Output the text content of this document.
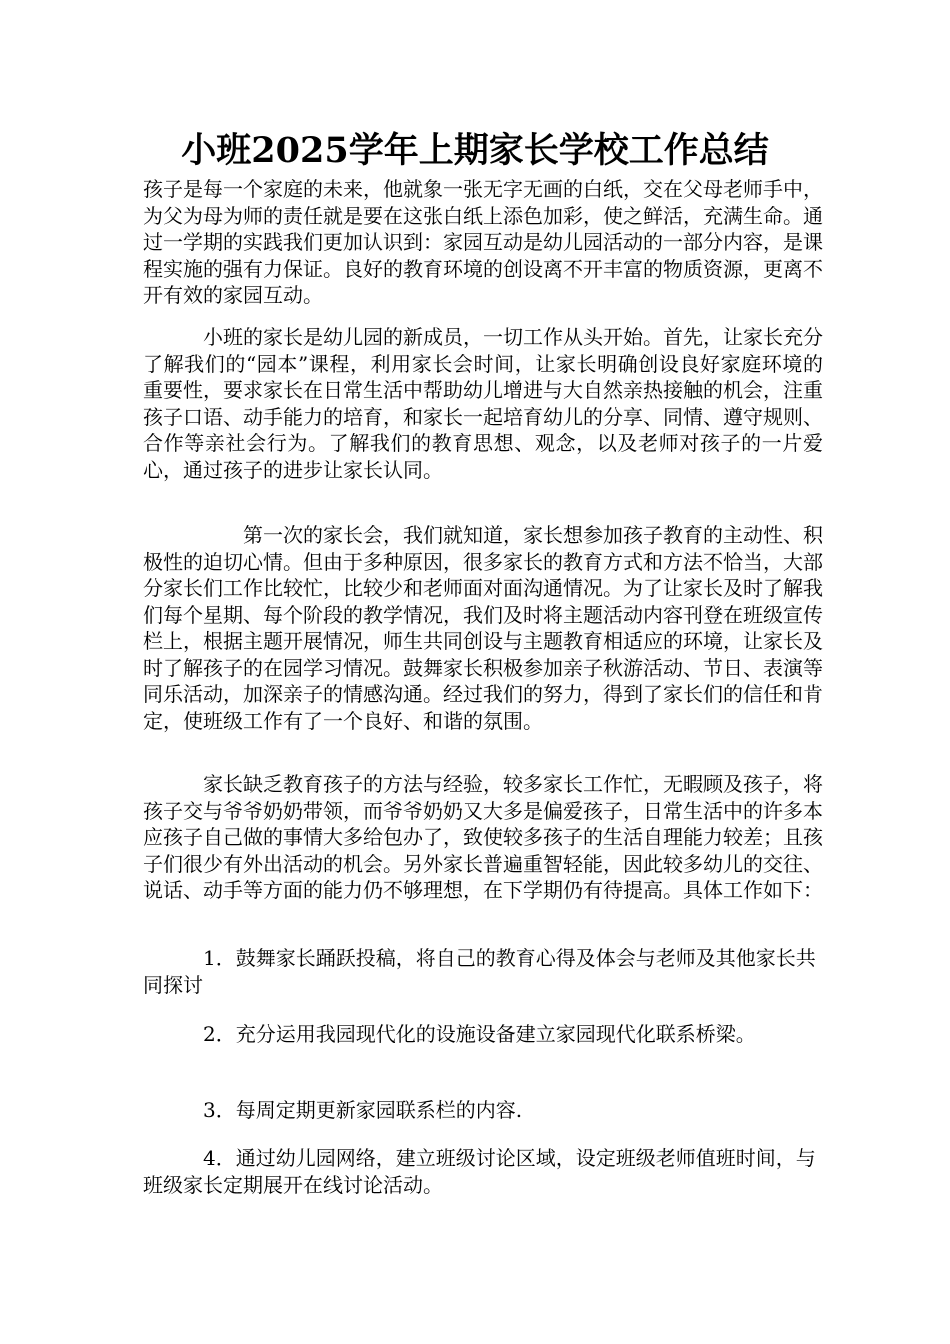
小班2025学年上期家长学校工作总结

孩子是每一个家庭的未来，他就象一张无字无画的白纸，交在父母老师手中，为父为母为师的责任就是要在这张白纸上添色加彩，使之鲜活，充满生命。通过一学期的实践我们更加认识到：家园互动是幼儿园活动的一部分内容，是课程实施的强有力保证。良好的教育环境的创设离不开丰富的物质资源，更离不开有效的家园互动。

小班的家长是幼儿园的新成员，一切工作从头开始。首先，让家长充分了解我们的“园本”课程，利用家长会时间，让家长明确创设良好家庭环境的重要性，要求家长在日常生活中帮助幼儿增进与大自然亲热接触的机会，注重孩子口语、动手能力的培育，和家长一起培育幼儿的分享、同情、遵守规则、合作等亲社会行为。了解我们的教育思想、观念，以及老师对孩子的一片爱心，通过孩子的进步让家长认同。

第一次的家长会，我们就知道，家长想参加孩子教育的主动性、积极性的迫切心情。但由于多种原因，很多家长的教育方式和方法不恰当，大部分家长们工作比较忙，比较少和老师面对面沟通情况。为了让家长及时了解我们每个星期、每个阶段的教学情况，我们及时将主题活动内容刊登在班级宣传栏上，根据主题开展情况，师生共同创设与主题教育相适应的环境，让家长及时了解孩子的在园学习情况。鼓舞家长积极参加亲子秋游活动、节日、表演等同乐活动，加深亲子的情感沟通。经过我们的努力，得到了家长们的信任和肯定，使班级工作有了一个良好、和谐的氛围。

家长缺乏教育孩子的方法与经验，较多家长工作忙，无暇顾及孩子，将孩子交与爷爷奶奶带领，而爷爷奶奶又大多是偏爱孩子，日常生活中的许多本应孩子自己做的事情大多给包办了，致使较多孩子的生活自理能力较差；且孩子们很少有外出活动的机会。另外家长普遍重智轻能，因此较多幼儿的交往、说话、动手等方面的能力仍不够理想，在下学期仍有待提高。具体工作如下：

1．鼓舞家长踊跃投稿，将自己的教育心得及体会与老师及其他家长共同探讨

2．充分运用我园现代化的设施设备建立家园现代化联系桥梁。

3．每周定期更新家园联系栏的内容.

4．通过幼儿园网络，建立班级讨论区域，设定班级老师值班时间，与班级家长定期展开在线讨论活动。
